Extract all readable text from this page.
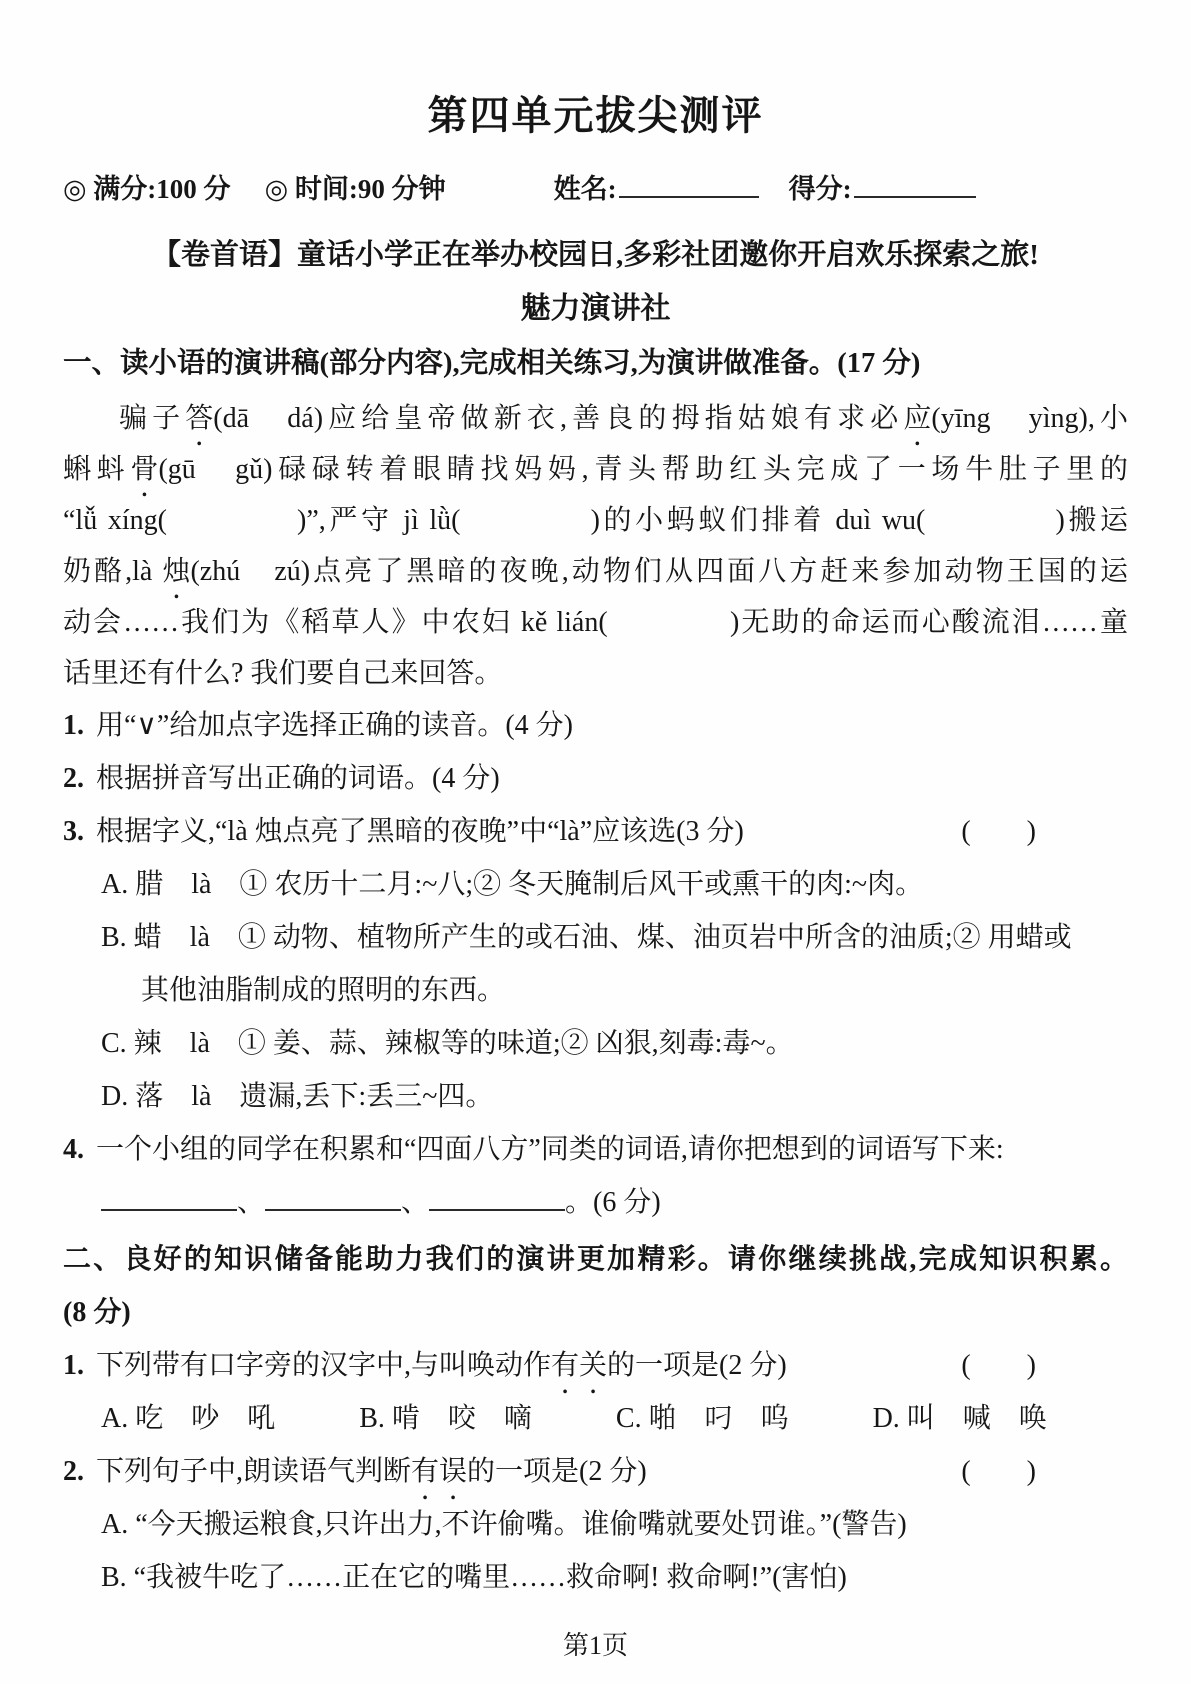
第四单元拔尖测评
◎ 满分:100 分 ◎ 时间:90 分钟	姓名:	得分:
【卷首语】童话小学正在举办校园日,多彩社团邀你开启欢乐探索之旅!
魅力演讲社
一、读小语的演讲稿(部分内容),完成相关练习,为演讲做准备。(17 分)
骗子答
•
(dā　dá)应给皇帝做新衣,善良的拇指姑娘有求必应
•
(yīng　yìng),小
蝌蚪骨
•
(gū　gǔ)碌碌转着眼睛找妈妈,青头帮助红头完成了一场牛肚子里的
“lǚ xíng(　　　　)”,严守 jì lǜ(　　　　)的小蚂蚁们排着 duì wu(　　　　)搬运
奶酪,là 烛
•
(zhú　zú)点亮了黑暗的夜晚,动物们从四面八方赶来参加动物王国的运
动会……我们为《稻草人》中农妇 kě lián(　　　　)无助的命运而心酸流泪……童
话里还有什么? 我们要自己来回答。
1. 用“∨”给加点字选择正确的读音。(4 分)
2. 根据拼音写出正确的词语。(4 分)
3. 根据字义,“là 烛点亮了黑暗的夜晚”中“là”应该选(3 分)	(　　)
A. 腊　là　① 农历十二月:~八;② 冬天腌制后风干或熏干的肉:~肉。
B. 蜡　là　① 动物、植物所产生的或石油、煤、油页岩中所含的油质;② 用蜡或
其他油脂制成的照明的东西。
C. 辣　là　① 姜、蒜、辣椒等的味道;② 凶狠,刻毒:毒~。
D. 落　là　遗漏,丢下:丢三~四。
4. 一个小组的同学在积累和“四面八方”同类的词语,请你把想到的词语写下来:
、	、	。(6 分)
二、良好的知识储备能助力我们的演讲更加精彩。请你继续挑战,完成知识积累。
(8 分)
1. 下列带有口字旁的汉字中,与叫唤动作有
•
关
•
的一项是(2 分)	(　　)
A. 吃　吵　吼　　　B. 啃　咬　嘀　　　C. 啪　叼　呜　　　D. 叫　喊　唤
2. 下列句子中,朗读语气判断有
•
误
•
的一项是(2 分)	(　　)
A. “今天搬运粮食,只许出力,不许偷嘴。谁偷嘴就要处罚谁。”(警告)
B. “我被牛吃了……正在它的嘴里……救命啊! 救命啊!”(害怕)
第1页
